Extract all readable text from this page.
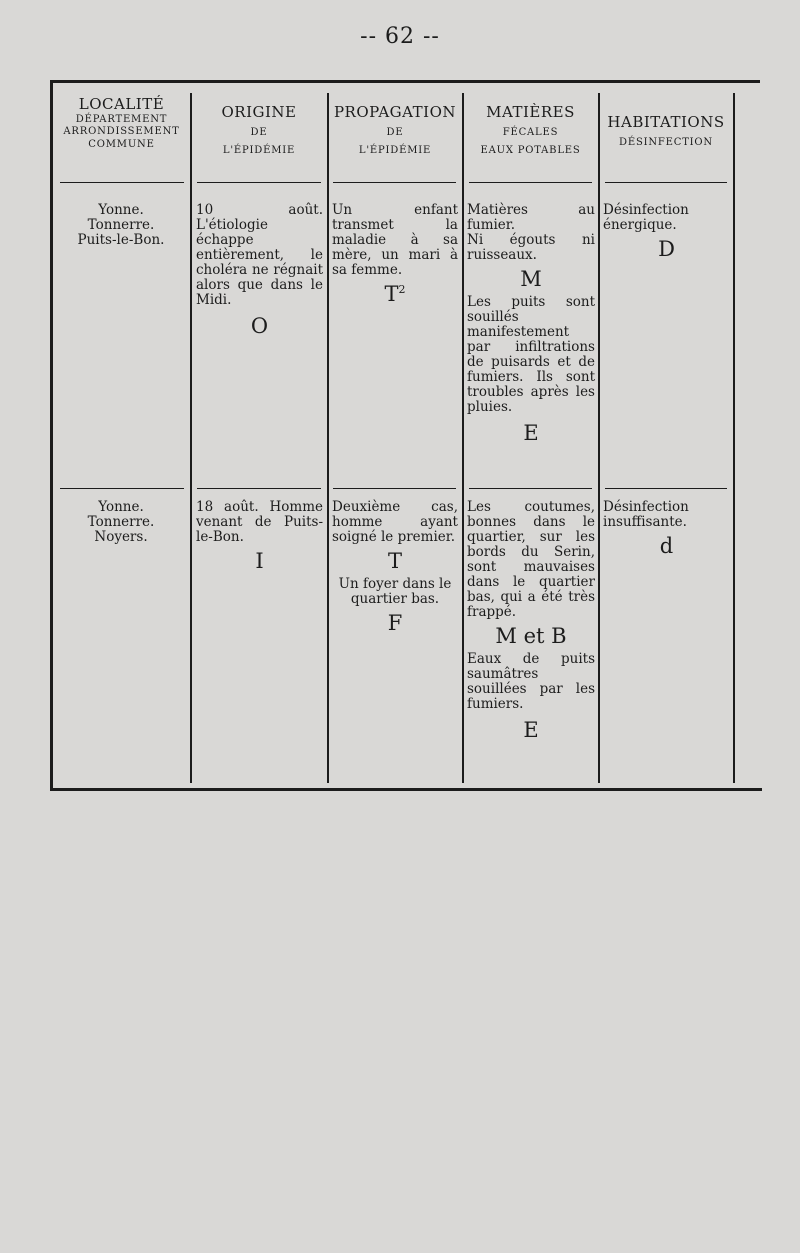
-- 62 --
LOCALITÉ
DÉPARTEMENT
ARRONDISSEMENT
COMMUNE
ORIGINE
DE
L'ÉPIDÉMIE
PROPAGATION
DE
L'ÉPIDÉMIE
MATIÈRES
FÉCALES
EAUX POTABLES
HABITATIONS
DÉSINFECTION
Yonne.
Tonnerre.
Puits-le-Bon.
10 août. L'étiologie échappe entièrement, le choléra ne régnait alors que dans le Midi.
O
Un enfant transmet la maladie à sa mère, un mari à sa femme.
$T^2$
Matières au fumier.
Ni égouts ni ruisseaux.
M
Les puits sont souillés manifestement par infiltrations de puisards et de fumiers. Ils sont troubles après les pluies.
E
Désinfection énergique.
D
Yonne.
Tonnerre.
Noyers.
18 août. Homme venant de Puits-le-Bon.
I
Deuxième cas, homme ayant soigné le premier.
T
Un foyer dans le quartier bas.
F
Les coutumes, bonnes dans le quartier, sur les bords du Serin, sont mauvaises dans le quartier bas, qui a été très frappé.
M et B
Eaux de puits saumâtres souillées par les fumiers.
E
Désinfection insuffisante.
d
